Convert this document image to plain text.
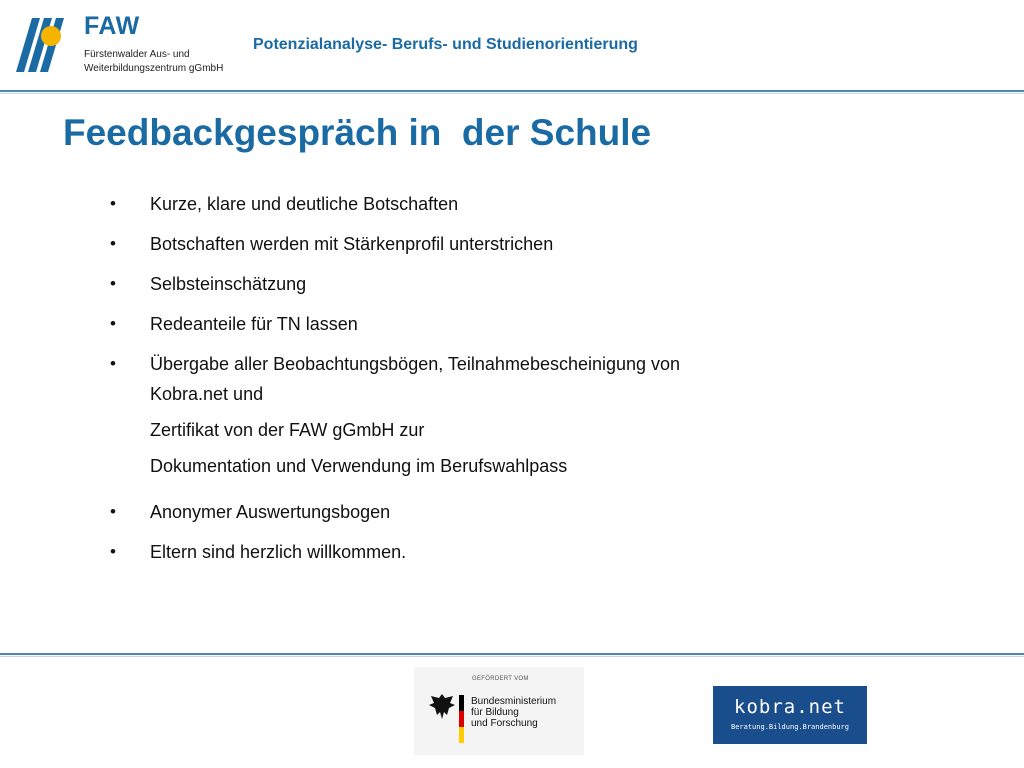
FAW
Fürstenwalder Aus- und
Weiterbildungszentrum gGmbH
Potenzialanalyse- Berufs- und Studienorientierung
Feedbackgespräch in  der Schule
• Kurze, klare und deutliche Botschaften
• Botschaften werden mit Stärkenprofil unterstrichen
• Selbsteinschätzung
• Redeanteile für TN lassen
• Übergabe aller Beobachtungsbögen, Teilnahmebescheinigung von
Kobra.net und
Zertifikat von der FAW gGmbH zur
Dokumentation und Verwendung im Berufswahlpass
• Anonymer Auswertungsbogen
• Eltern sind herzlich willkommen.
GEFÖRDERT VOM
Bundesministerium
für Bildung
und Forschung
kobra.net
Beratung.Bildung.Brandenburg
